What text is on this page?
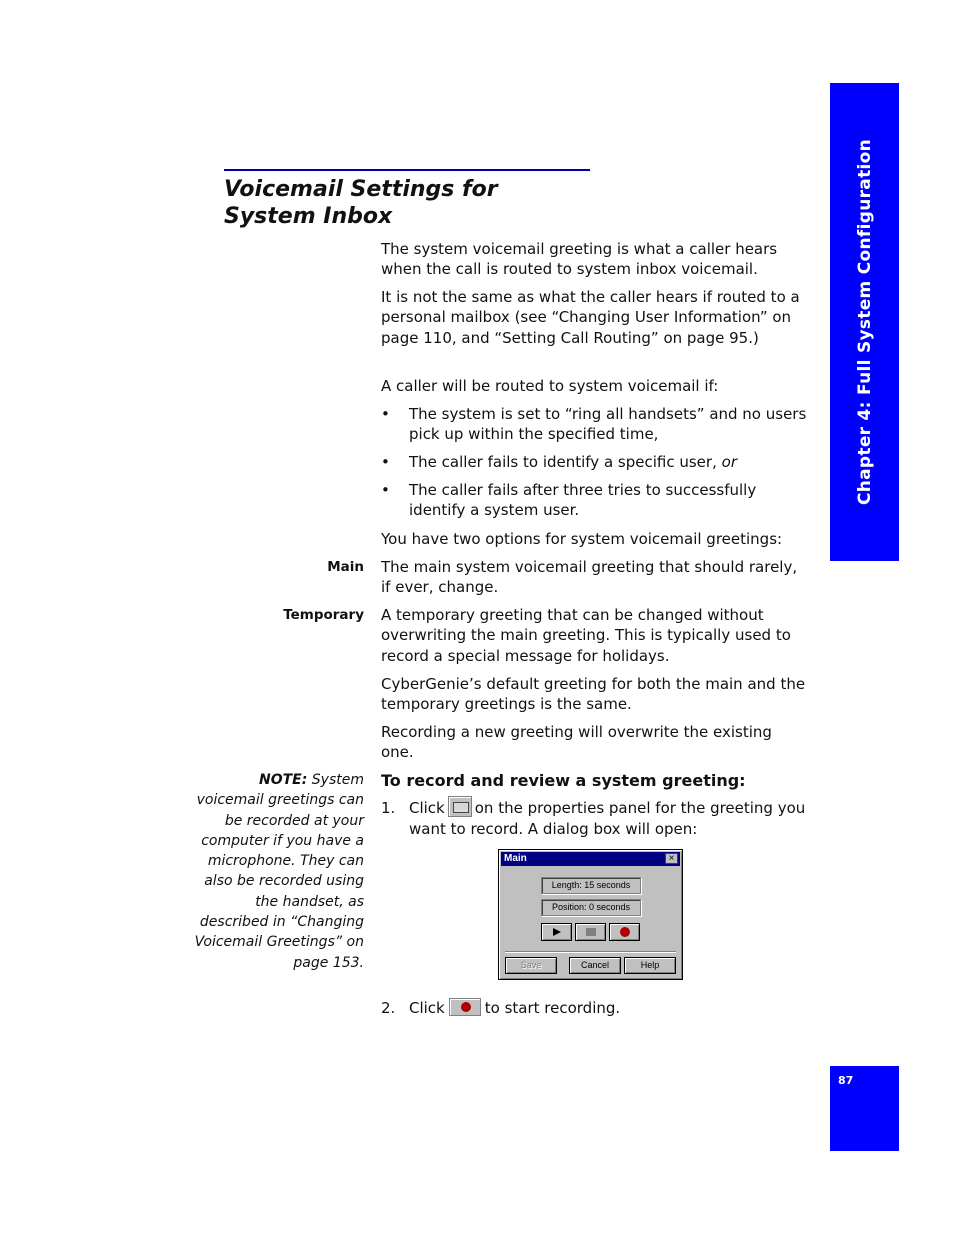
Chapter 4: Full System Configuration
87
Voicemail Settings for
System Inbox
The system voicemail greeting is what a caller hears when the call is routed to system inbox voicemail.
It is not the same as what the caller hears if routed to a personal mailbox (see “Changing User Information” on page 110, and “Setting Call Routing” on page 95.)
A caller will be routed to system voicemail if:
• The system is set to “ring all handsets” and no users pick up within the specified time,
• The caller fails to identify a specific user, or
• The caller fails after three tries to successfully identify a system user.
You have two options for system voicemail greetings:
Main The main system voicemail greeting that should rarely, if ever, change.
Temporary A temporary greeting that can be changed without overwriting the main greeting. This is typically used to record a special message for holidays.
CyberGenie’s default greeting for both the main and the temporary greetings is the same.
Recording a new greeting will overwrite the existing one.
NOTE: System voicemail greetings can be recorded at your computer if you have a microphone. They can also be recorded using the handset, as described in “Changing Voicemail Greetings” on page 153.
To record and review a system greeting:
1. Click on the properties panel for the greeting you want to record. A dialog box will open:
Main	×
Length: 15 seconds
Position: 0 seconds
Save	Cancel	Help
2. Click	to start recording.
